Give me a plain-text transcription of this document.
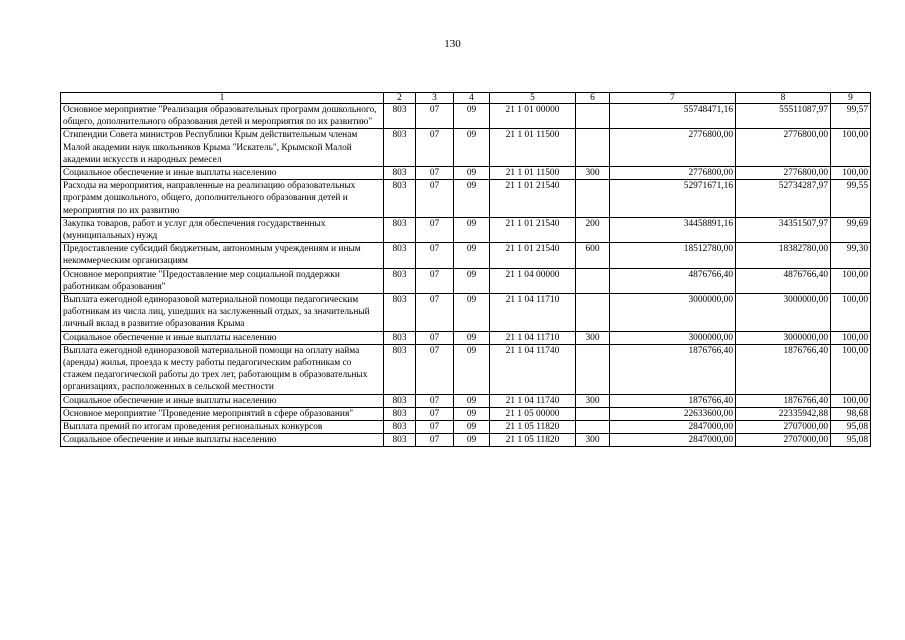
130
1	2	3	4	5	6	7	8	9
Основное мероприятие "Реализация образовательных программ дошкольного, общего, дополнительного образования детей и мероприятия по их развитию"	803	07	09	21 1 01 00000		55748471,16	55511087,97	99,57
Стипендии Совета министров Республики Крым действительным членам Малой академии наук школьников Крыма "Искатель", Крымской Малой академии искусств и народных ремесел	803	07	09	21 1 01 11500		2776800,00	2776800,00	100,00
Социальное обеспечение и иные выплаты населению	803	07	09	21 1 01 11500	300	2776800,00	2776800,00	100,00
Расходы на мероприятия, направленные на реализацию образовательных программ дошкольного, общего, дополнительного образования детей и мероприятия по их развитию	803	07	09	21 1 01 21540		52971671,16	52734287,97	99,55
Закупка товаров, работ и услуг для обеспечения государственных (муниципальных) нужд	803	07	09	21 1 01 21540	200	34458891,16	34351507,97	99,69
Предоставление субсидий бюджетным, автономным учреждениям и иным некоммерческим организациям	803	07	09	21 1 01 21540	600	18512780,00	18382780,00	99,30
Основное мероприятие "Предоставление мер социальной поддержки работникам образования"	803	07	09	21 1 04 00000		4876766,40	4876766,40	100,00
Выплата ежегодной единоразовой материальной помощи педагогическим работникам из числа лиц, ушедших на заслуженный отдых, за значительный личный вклад в развитие образования Крыма	803	07	09	21 1 04 11710		3000000,00	3000000,00	100,00
Социальное обеспечение и иные выплаты населению	803	07	09	21 1 04 11710	300	3000000,00	3000000,00	100,00
Выплата ежегодной единоразовой материальной помощи на оплату найма (аренды) жилья, проезда к месту работы педагогическим работникам со стажем педагогической работы до трех лет, работающим в образовательных организациях, расположенных в сельской местности	803	07	09	21 1 04 11740		1876766,40	1876766,40	100,00
Социальное обеспечение и иные выплаты населению	803	07	09	21 1 04 11740	300	1876766,40	1876766,40	100,00
Основное мероприятие "Проведение мероприятий в сфере образования"	803	07	09	21 1 05 00000		22633600,00	22335942,88	98,68
Выплата премий по итогам проведения региональных конкурсов	803	07	09	21 1 05 11820		2847000,00	2707000,00	95,08
Социальное обеспечение и иные выплаты населению	803	07	09	21 1 05 11820	300	2847000,00	2707000,00	95,08
